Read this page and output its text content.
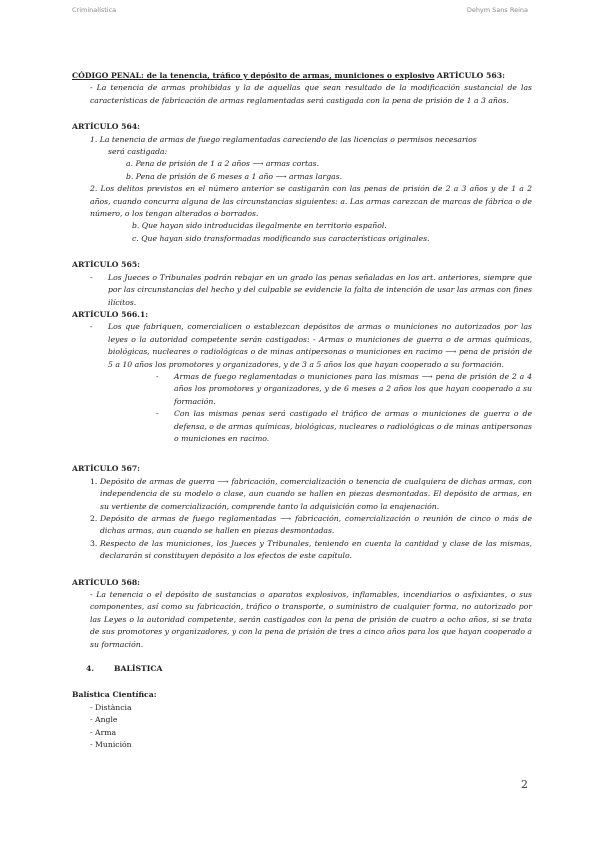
Criminalística	Dehym Sans Reina

CÓDIGO PENAL: de la tenencia, tráfico y depósito de armas, municiones o explosivo ARTÍCULO 563:

- La tenencia de armas prohibidas y la de aquellas que sean resultado de la modificación sustancial de las características de fabricación de armas reglamentadas será castigada con la pena de prisión de 1 a 3 años.

ARTÍCULO 564:

1. La tenencia de armas de fuego reglamentadas careciendo de las licencias o permisos necesarios

será castigada:

a. Pena de prisión de 1 a 2 años ⟶ armas cortas.

b. Pena de prisión de 6 meses a 1 año ⟶ armas largas.

2. Los delitos previstos en el número anterior se castigarán con las penas de prisión de 2 a 3 años y de 1 a 2 años, cuando concurra alguna de las circunstancias siguientes: a. Las armas carezcan de marcas de fábrica o de número, o los tengan alterados o borrados.

b. Que hayan sido introducidas ilegalmente en territorio español.

c. Que hayan sido transformadas modificando sus características originales.

ARTÍCULO 565:

-	Los Jueces o Tribunales podrán rebajar en un grado las penas señaladas en los art. anteriores, siempre que por las circunstancias del hecho y del culpable se evidencie la falta de intención de usar las armas con fines ilícitos.

ARTÍCULO 566.1:

-	Los que fabriquen, comercialicen o establezcan depósitos de armas o municiones no autorizados por las leyes o la autoridad competente serán castigados: - Armas o municiones de guerra o de armas químicas, biológicas, nucleares o radiológicas o de minas antipersonas o municiones en racimo ⟶ pena de prisión de 5 a 10 años los promotores y organizadores, y de 3 a 5 años los que hayan cooperado a su formación.

-	Armas de fuego reglamentadas o municiones para las mismas ⟶ pena de prisión de 2 a 4 años los promotores y organizadores, y de 6 meses a 2 años los que hayan cooperado a su formación.

-	Con las mismas penas será castigado el tráfico de armas o municiones de guerra o de defensa, o de armas químicas, biológicas, nucleares o radiológicas o de minas antipersonas o municiones en racimo.

ARTÍCULO 567:

1. Depósito de armas de guerra ⟶ fabricación, comercialización o tenencia de cualquiera de dichas armas, con independencia de su modelo o clase, aun cuando se hallen en piezas desmontadas. El depósito de armas, en su vertiente de comercialización, comprende tanto la adquisición como la enajenación.

2. Depósito de armas de fuego reglamentadas ⟶ fabricación, comercialización o reunión de cinco o más de dichas armas, aun cuando se hallen en piezas desmontadas.

3. Respecto de las municiones, los Jueces y Tribunales, teniendo en cuenta la cantidad y clase de las mismas, declararán si constituyen depósito a los efectos de este capítulo.

ARTÍCULO 568:

- La tenencia o el depósito de sustancias o aparatos explosivos, inflamables, incendiarios o asfixiantes, o sus componentes, así como su fabricación, tráfico o transporte, o suministro de cualquier forma, no autorizado por las Leyes o la autoridad competente, serán castigados con la pena de prisión de cuatro a ocho años, si se trata de sus promotores y organizadores, y con la pena de prisión de tres a cinco años para los que hayan cooperado a su formación.

4.	BALÍSTICA

Balística Científica:

- Distància

- Angle

- Arma

- Munición

2
